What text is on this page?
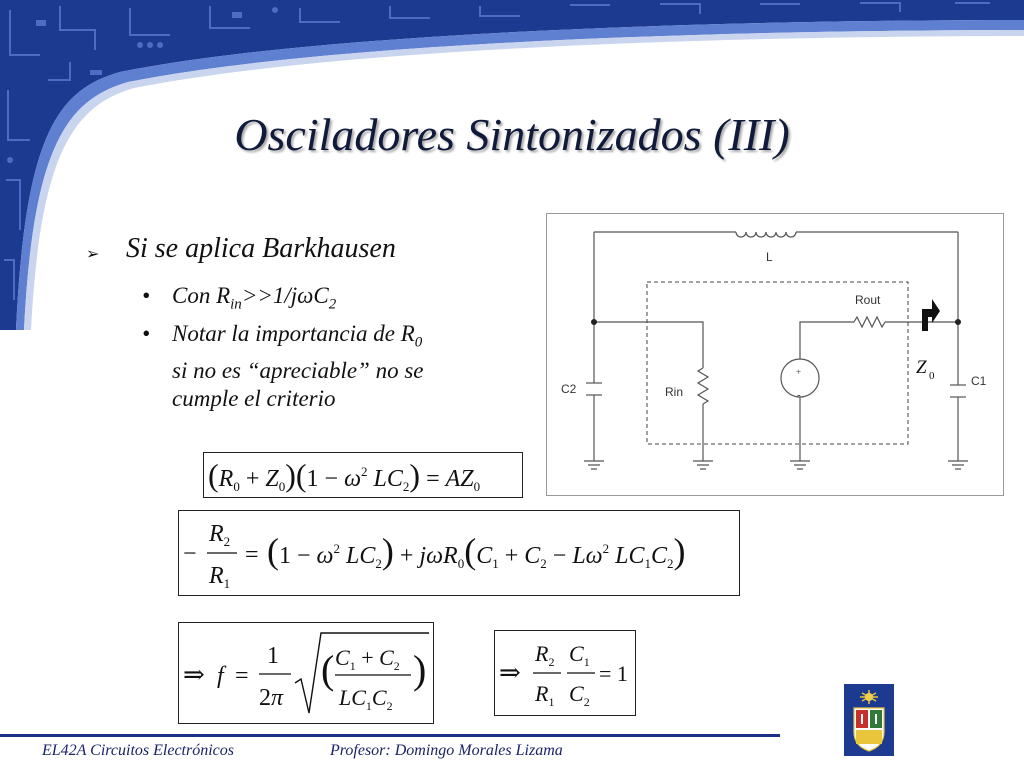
Osciladores Sintonizados (III)
➢ Si se aplica Barkhausen
• Con $R_{in}>>1/j\omega C_2$
• Notar la importancia de $R_0$
si no es “apreciable” no se
cumple el criterio
+
-
L
Rout
Rin
C2
C1
Z 0
$(R_0 + Z_0)(1 - \omega^2$ $LC_2) = AZ_0$
−
$R_2$
$R_1$
= ($1 - \omega^2$ $LC_2) + j\omega R_0(C_1 + C_2 - L\omega^2$ $LC_1C_2$)
⇒ f =
1
2π
( $C_1 + C_2$
$LC_1C_2$
)	⇒
$R_2$
$R_1$
$C_1$
$C_2$
= 1
EL42A Circuitos Electrónicos	Profesor: Domingo Morales Lizama
